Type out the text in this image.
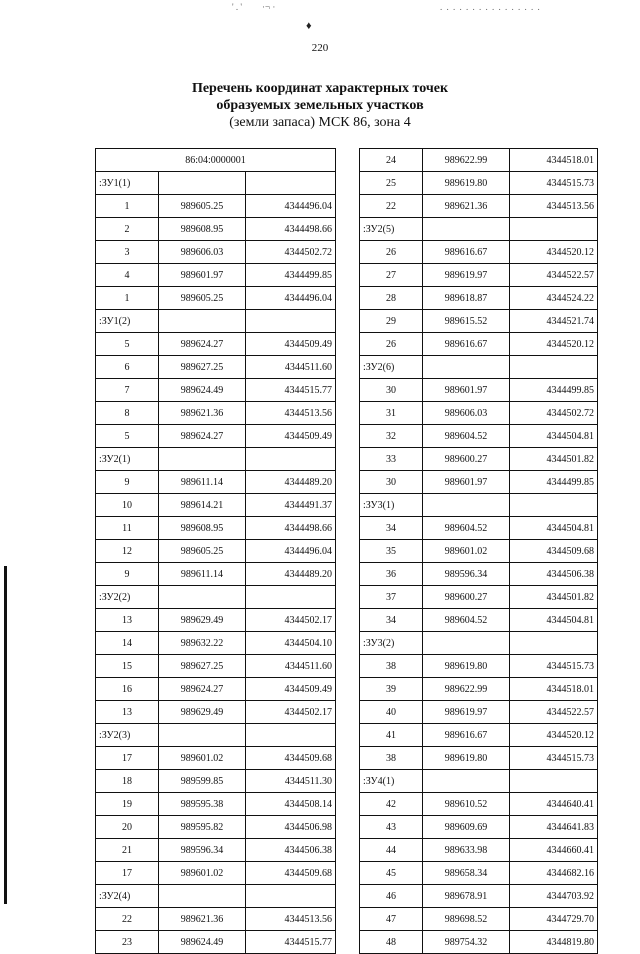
' . ' ·¬ ·
♦
. . . . . . . . . . . . . . . .
220
Перечень координат характерных точек
образуемых земельных участков
(земли запаса) МСК 86, зона 4
86:04:0000001		
:ЗУ1(1)		
1	989605.25	4344496.04
2	989608.95	4344498.66
3	989606.03	4344502.72
4	989601.97	4344499.85
1	989605.25	4344496.04
:ЗУ1(2)		
5	989624.27	4344509.49
6	989627.25	4344511.60
7	989624.49	4344515.77
8	989621.36	4344513.56
5	989624.27	4344509.49
:ЗУ2(1)		
9	989611.14	4344489.20
10	989614.21	4344491.37
11	989608.95	4344498.66
12	989605.25	4344496.04
9	989611.14	4344489.20
:ЗУ2(2)		
13	989629.49	4344502.17
14	989632.22	4344504.10
15	989627.25	4344511.60
16	989624.27	4344509.49
13	989629.49	4344502.17
:ЗУ2(3)		
17	989601.02	4344509.68
18	989599.85	4344511.30
19	989595.38	4344508.14
20	989595.82	4344506.98
21	989596.34	4344506.38
17	989601.02	4344509.68
:ЗУ2(4)		
22	989621.36	4344513.56
23	989624.49	4344515.77
24	989622.99	4344518.01
25	989619.80	4344515.73
22	989621.36	4344513.56
:ЗУ2(5)		
26	989616.67	4344520.12
27	989619.97	4344522.57
28	989618.87	4344524.22
29	989615.52	4344521.74
26	989616.67	4344520.12
:ЗУ2(6)		
30	989601.97	4344499.85
31	989606.03	4344502.72
32	989604.52	4344504.81
33	989600.27	4344501.82
30	989601.97	4344499.85
:ЗУ3(1)		
34	989604.52	4344504.81
35	989601.02	4344509.68
36	989596.34	4344506.38
37	989600.27	4344501.82
34	989604.52	4344504.81
:ЗУ3(2)		
38	989619.80	4344515.73
39	989622.99	4344518.01
40	989619.97	4344522.57
41	989616.67	4344520.12
38	989619.80	4344515.73
:ЗУ4(1)		
42	989610.52	4344640.41
43	989609.69	4344641.83
44	989633.98	4344660.41
45	989658.34	4344682.16
46	989678.91	4344703.92
47	989698.52	4344729.70
48	989754.32	4344819.80
